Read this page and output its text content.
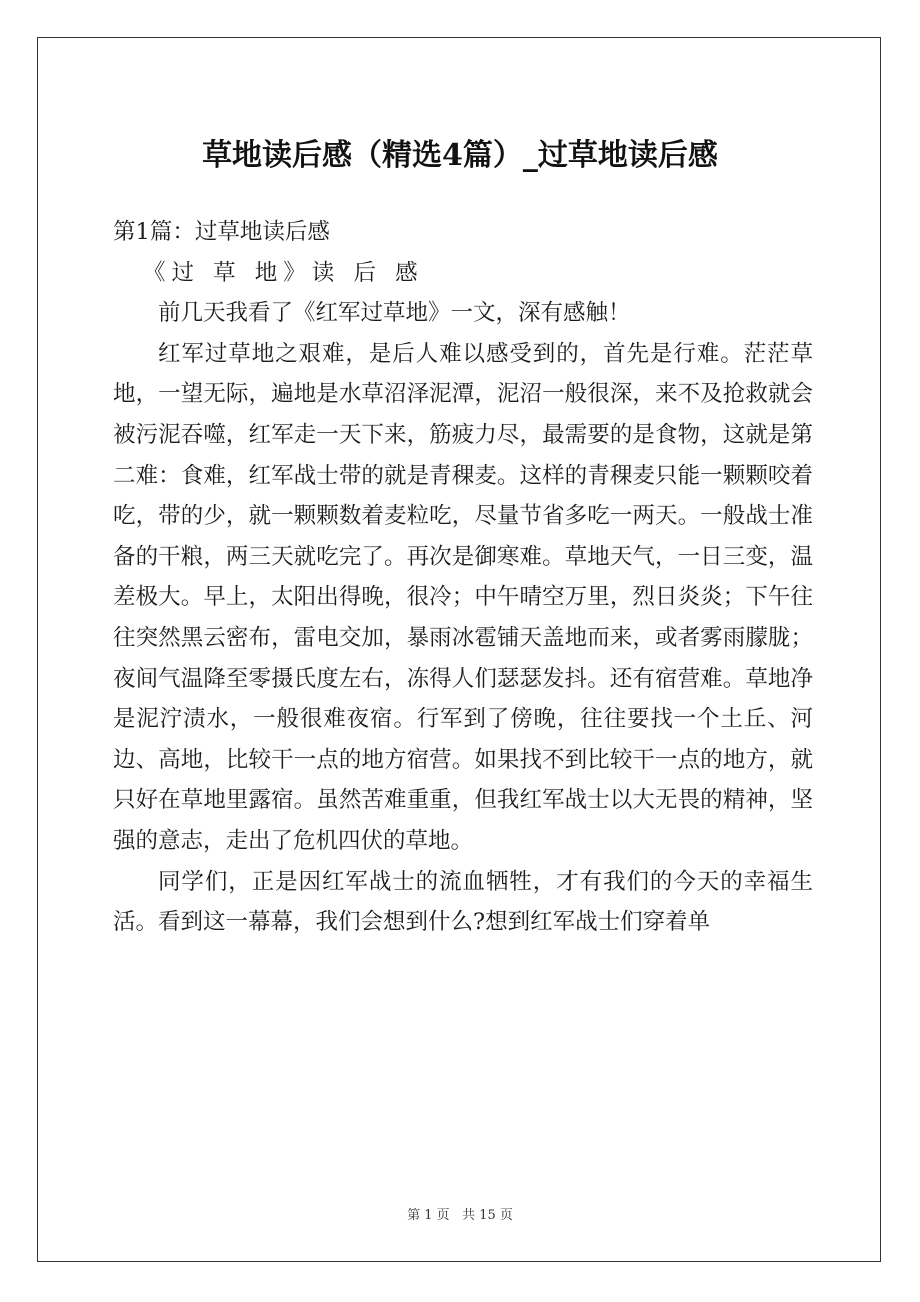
草地读后感（精选4篇）_过草地读后感

第1篇：过草地读后感

《过 草 地》读 后 感

前几天我看了《红军过草地》一文，深有感触！

红军过草地之艰难，是后人难以感受到的，首先是行难。茫茫草地，一望无际，遍地是水草沼泽泥潭，泥沼一般很深，来不及抢救就会被污泥吞噬，红军走一天下来，筋疲力尽，最需要的是食物，这就是第二难：食难，红军战士带的就是青稞麦。这样的青稞麦只能一颗颗咬着吃，带的少，就一颗颗数着麦粒吃，尽量节省多吃一两天。一般战士准备的干粮，两三天就吃完了。再次是御寒难。草地天气，一日三变，温差极大。早上，太阳出得晚，很冷；中午晴空万里，烈日炎炎；下午往往突然黑云密布，雷电交加，暴雨冰雹铺天盖地而来，或者雾雨朦胧；夜间气温降至零摄氏度左右，冻得人们瑟瑟发抖。还有宿营难。草地净是泥泞渍水，一般很难夜宿。行军到了傍晚，往往要找一个土丘、河边、高地，比较干一点的地方宿营。如果找不到比较干一点的地方，就只好在草地里露宿。虽然苦难重重，但我红军战士以大无畏的精神，坚强的意志，走出了危机四伏的草地。

同学们，正是因红军战士的流血牺牲，才有我们的今天的幸福生活。看到这一幕幕，我们会想到什么?想到红军战士们穿着单

第 1 页   共 15 页
